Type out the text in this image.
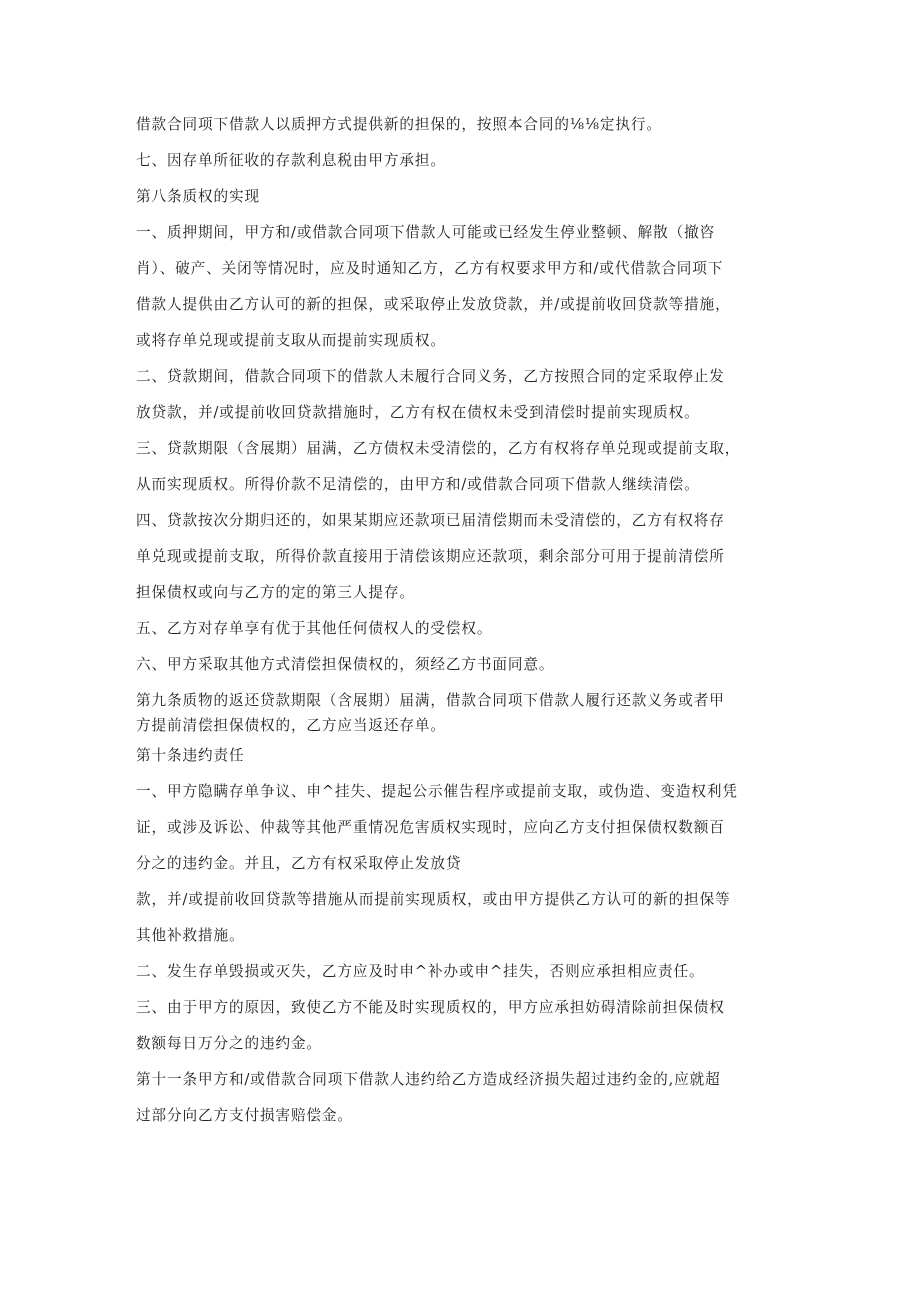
借款合同项下借款人以质押方式提供新的担保的，按照本合同的⅛⅛定执行。

七、因存单所征收的存款利息税由甲方承担。

第八条质权的实现

一、质押期间，甲方和/或借款合同项下借款人可能或已经发生停业整顿、解散（撤咨

肖）、破产、关闭等情况时，应及时通知乙方，乙方有权要求甲方和/或代借款合同项下

借款人提供由乙方认可的新的担保，或采取停止发放贷款，并/或提前收回贷款等措施，

或将存单兑现或提前支取从而提前实现质权。

二、贷款期间，借款合同项下的借款人未履行合同义务，乙方按照合同的定采取停止发

放贷款，并/或提前收回贷款措施时，乙方有权在债权未受到清偿时提前实现质权。

三、贷款期限（含展期）届满，乙方债权未受清偿的，乙方有权将存单兑现或提前支取，

从而实现质权。所得价款不足清偿的，由甲方和/或借款合同项下借款人继续清偿。

四、贷款按次分期归还的，如果某期应还款项已届清偿期而未受清偿的，乙方有权将存

单兑现或提前支取，所得价款直接用于清偿该期应还款项，剩余部分可用于提前清偿所

担保债权或向与乙方的定的第三人提存。

五、乙方对存单享有优于其他任何债权人的受偿权。

六、甲方采取其他方式清偿担保债权的，须经乙方书面同意。

第九条质物的返还贷款期限（含展期）届满，借款合同项下借款人履行还款义务或者甲

方提前清偿担保债权的，乙方应当返还存单。

第十条违约责任

一、甲方隐瞒存单争议、申^挂失、提起公示催告程序或提前支取，或伪造、变造权利凭

证，或涉及诉讼、仲裁等其他严重情况危害质权实现时，应向乙方支付担保债权数额百

分之的违约金。并且，乙方有权采取停止发放贷

款，并/或提前收回贷款等措施从而提前实现质权，或由甲方提供乙方认可的新的担保等

其他补救措施。

二、发生存单毁损或灭失，乙方应及时申^补办或申^挂失，否则应承担相应责任。

三、由于甲方的原因，致使乙方不能及时实现质权的，甲方应承担妨碍清除前担保债权

数额每日万分之的违约金。

第十一条甲方和/或借款合同项下借款人违约给乙方造成经济损失超过违约金的,应就超

过部分向乙方支付损害赔偿金。
